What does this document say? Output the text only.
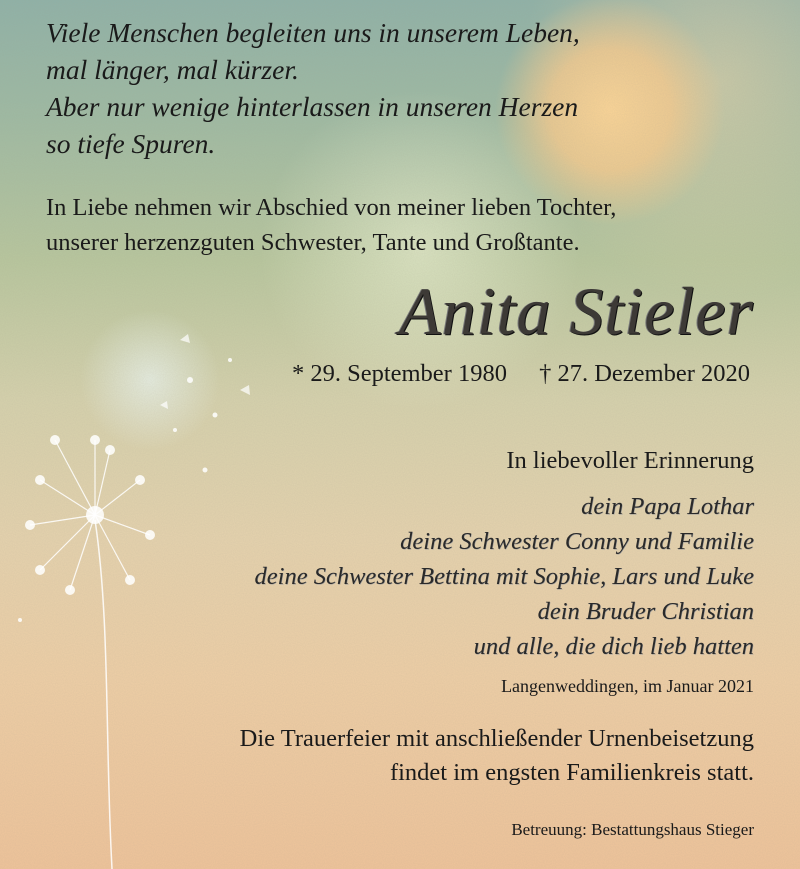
Viele Menschen begleiten uns in unserem Leben,
mal länger, mal kürzer.
Aber nur wenige hinterlassen in unseren Herzen
so tiefe Spuren.
In Liebe nehmen wir Abschied von meiner lieben Tochter,
unserer herzenzguten Schwester, Tante und Großtante.
Anita Stieler
* 29. September 1980 † 27. Dezember 2020
In liebevoller Erinnerung
dein Papa Lothar
deine Schwester Conny und Familie
deine Schwester Bettina mit Sophie, Lars und Luke
dein Bruder Christian
und alle, die dich lieb hatten
Langenweddingen, im Januar 2021
Die Trauerfeier mit anschließender Urnenbeisetzung
findet im engsten Familienkreis statt.
Betreuung: Bestattungshaus Stieger
